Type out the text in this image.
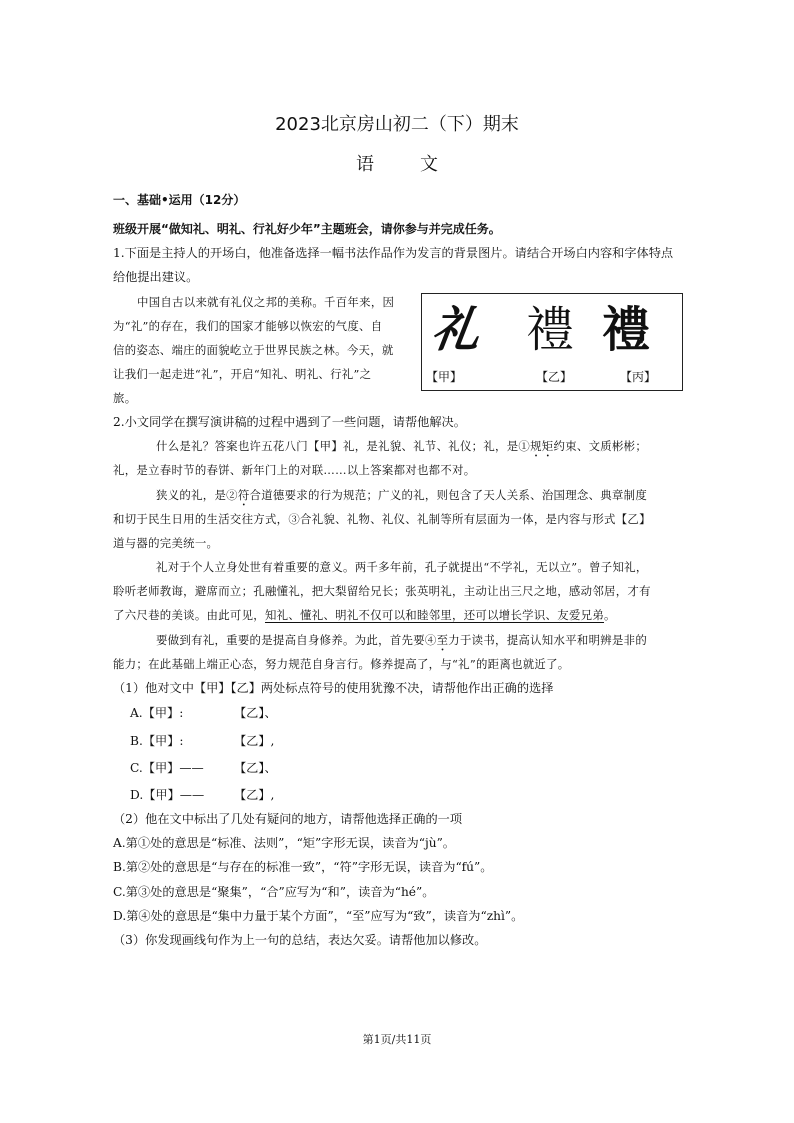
2023北京房山初二（下）期末
语文
一、基础•运用（12分）
班级开展“做知礼、明礼、行礼好少年”主题班会，请你参与并完成任务。
1.下面是主持人的开场白，他准备选择一幅书法作品作为发言的背景图片。请结合开场白内容和字体特点
给他提出建议。
中国自古以来就有礼仪之邦的美称。千百年来，因
为“礼”的存在，我们的国家才能够以恢宏的气度、自
信的姿态、端庄的面貌屹立于世界民族之林。今天，就
让我们一起走进“礼”，开启“知礼、明礼、行礼”之
旅。
礼 禮 禮
【甲】	【乙】	【丙】
2.小文同学在撰写演讲稿的过程中遇到了一些问题，请帮他解决。
什么是礼？答案也许五花八门【甲】礼，是礼貌、礼节、礼仪；礼，是①规矩约束、文质彬彬；
礼，是立春时节的春饼、新年门上的对联……以上答案都对也都不对。
狭义的礼，是②符合道德要求的行为规范；广义的礼，则包含了天人关系、治国理念、典章制度
和切于民生日用的生活交往方式，③合礼貌、礼物、礼仪、礼制等所有层面为一体，是内容与形式【乙】
道与器的完美统一。
礼对于个人立身处世有着重要的意义。两千多年前，孔子就提出“不学礼，无以立”。曾子知礼，
聆听老师教诲，避席而立；孔融懂礼，把大梨留给兄长；张英明礼，主动让出三尺之地，感动邻居，才有
了六尺巷的美谈。由此可见，知礼、懂礼、明礼不仅可以和睦邻里，还可以增长学识、友爱兄弟。
要做到有礼，重要的是提高自身修养。为此，首先要④至力于读书，提高认知水平和明辨是非的
能力；在此基础上端正心态，努力规范自身言行。修养提高了，与“礼”的距离也就近了。
（1）他对文中【甲】【乙】两处标点符号的使用犹豫不决，请帮他作出正确的选择
A.【甲】:	【乙】、
B.【甲】:	【乙】,
C.【甲】—— 【乙】、
D.【甲】—— 【乙】,
（2）他在文中标出了几处有疑问的地方，请帮他选择正确的一项
A.第①处的意思是“标准、法则”，“矩”字形无误，读音为“jù”。
B.第②处的意思是“与存在的标准一致”，“符”字形无误，读音为“fú”。
C.第③处的意思是“聚集”，“合”应写为“和”，读音为“hé”。
D.第④处的意思是“集中力量于某个方面”，“至”应写为“致”，读音为“zhì”。
（3）你发现画线句作为上一句的总结，表达欠妥。请帮他加以修改。
第1页/共11页
